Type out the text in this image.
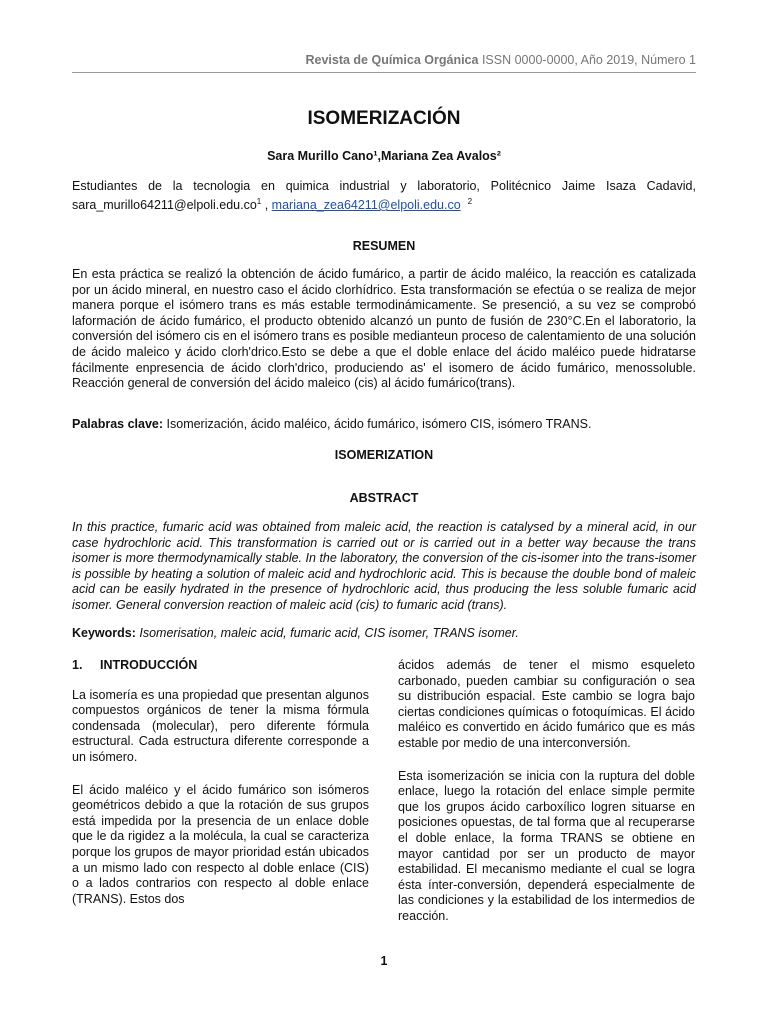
Revista de Química Orgánica ISSN 0000-0000, Año 2019, Número 1
ISOMERIZACIÓN
Sara Murillo Cano¹,Mariana Zea Avalos²
Estudiantes de la tecnologia en quimica industrial y laboratorio, Politécnico Jaime Isaza Cadavid, $sara\_murillo64211@elpoli.edu.co^1$ , mariana_zea64211@elpoli.edu.co $^2$
RESUMEN
En esta práctica se realizó la obtención de ácido fumárico, a partir de ácido maléico, la reacción es catalizada por un ácido mineral, en nuestro caso el ácido clorhídrico. Esta transformación se efectúa o se realiza de mejor manera porque el isómero trans es más estable termodinámicamente. Se presenció, a su vez se comprobó laformación de ácido fumárico, el producto obtenido alcanzó un punto de fusión de 230°C.En el laboratorio, la conversión del isómero cis en el isómero trans es posible medianteun proceso de calentamiento de una solución de ácido maleico y ácido clorh'drico.Esto se debe a que el doble enlace del ácido maléico puede hidratarse fácilmente enpresencia de ácido clorh'drico, produciendo as' el isomero de ácido fumárico, menossoluble. Reacción general de conversión del ácido maleico (cis) al ácido fumárico(trans).
Palabras clave: Isomerización, ácido maléico, ácido fumárico, isómero CIS, isómero TRANS.
ISOMERIZATION
ABSTRACT
In this practice, fumaric acid was obtained from maleic acid, the reaction is catalysed by a mineral acid, in our case hydrochloric acid. This transformation is carried out or is carried out in a better way because the trans isomer is more thermodynamically stable. In the laboratory, the conversion of the cis-isomer into the trans-isomer is possible by heating a solution of maleic acid and hydrochloric acid. This is because the double bond of maleic acid can be easily hydrated in the presence of hydrochloric acid, thus producing the less soluble fumaric acid isomer. General conversion reaction of maleic acid (cis) to fumaric acid (trans).
Keywords: Isomerisation, maleic acid, fumaric acid, CIS isomer, TRANS isomer.
1. INTRODUCCIÓN

La isomería es una propiedad que presentan algunos compuestos orgánicos de tener la misma fórmula condensada (molecular), pero diferente fórmula estructural. Cada estructura diferente corresponde a un isómero.

El ácido maléico y el ácido fumárico son isómeros geométricos debido a que la rotación de sus grupos está impedida por la presencia de un enlace doble que le da rigidez a la molécula, la cual se caracteriza porque los grupos de mayor prioridad están ubicados a un mismo lado con respecto al doble enlace (CIS) o a lados contrarios con respecto al doble enlace (TRANS). Estos dos

ácidos además de tener el mismo esqueleto carbonado, pueden cambiar su configuración o sea su distribución espacial. Este cambio se logra bajo ciertas condiciones químicas o fotoquímicas. El ácido maléico es convertido en ácido fumárico que es más estable por medio de una interconversión.

Esta isomerización se inicia con la ruptura del doble enlace, luego la rotación del enlace simple permite que los grupos ácido carboxílico logren situarse en posiciones opuestas, de tal forma que al recuperarse el doble enlace, la forma TRANS se obtiene en mayor cantidad por ser un producto de mayor estabilidad. El mecanismo mediante el cual se logra ésta ínter-conversión, dependerá especialmente de las condiciones y la estabilidad de los intermedios de reacción.

1
